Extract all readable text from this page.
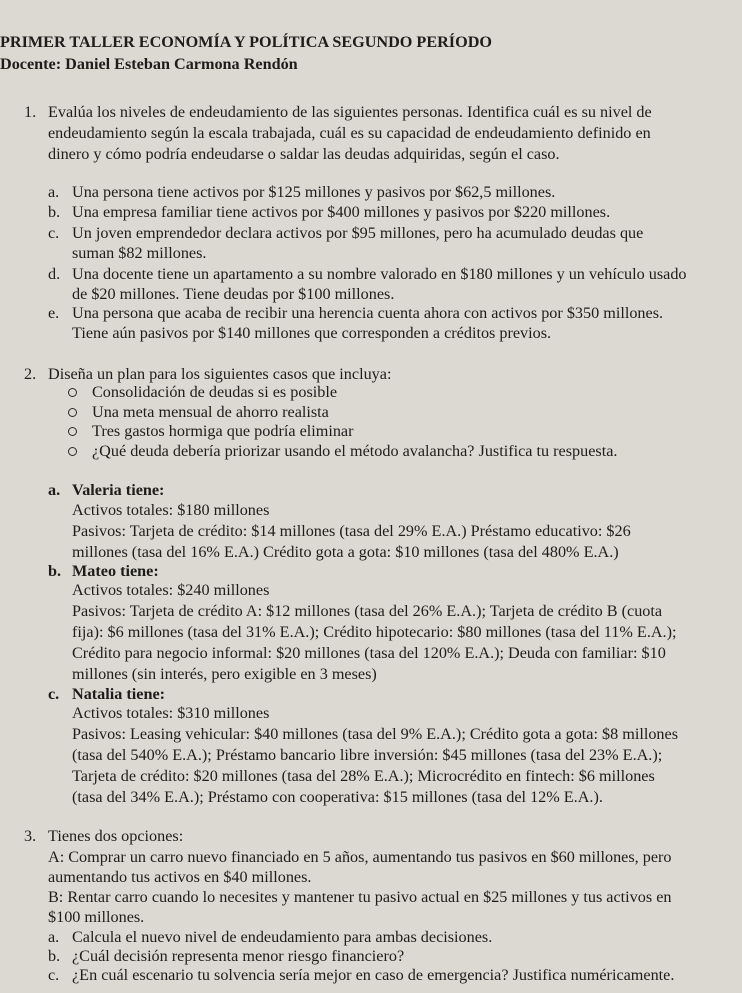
PRIMER TALLER ECONOMÍA Y POLÍTICA SEGUNDO PERÍODO
Docente: Daniel Esteban Carmona Rendón
1. Evalúa los niveles de endeudamiento de las siguientes personas. Identifica cuál es su nivel de
endeudamiento según la escala trabajada, cuál es su capacidad de endeudamiento definido en
dinero y cómo podría endeudarse o saldar las deudas adquiridas, según el caso.
a. Una persona tiene activos por $125 millones y pasivos por $62,5 millones.
b. Una empresa familiar tiene activos por $400 millones y pasivos por $220 millones.
c. Un joven emprendedor declara activos por $95 millones, pero ha acumulado deudas que
suman $82 millones.
d. Una docente tiene un apartamento a su nombre valorado en $180 millones y un vehículo usado
de $20 millones. Tiene deudas por $100 millones.
e. Una persona que acaba de recibir una herencia cuenta ahora con activos por $350 millones.
Tiene aún pasivos por $140 millones que corresponden a créditos previos.
2. Diseña un plan para los siguientes casos que incluya:
Consolidación de deudas si es posible
Una meta mensual de ahorro realista
Tres gastos hormiga que podría eliminar
¿Qué deuda debería priorizar usando el método avalancha? Justifica tu respuesta.
a. Valeria tiene:
Activos totales: $180 millones
Pasivos: Tarjeta de crédito: $14 millones (tasa del 29% E.A.) Préstamo educativo: $26
millones (tasa del 16% E.A.) Crédito gota a gota: $10 millones (tasa del 480% E.A.)
b. Mateo tiene:
Activos totales: $240 millones
Pasivos: Tarjeta de crédito A: $12 millones (tasa del 26% E.A.); Tarjeta de crédito B (cuota
fija): $6 millones (tasa del 31% E.A.); Crédito hipotecario: $80 millones (tasa del 11% E.A.);
Crédito para negocio informal: $20 millones (tasa del 120% E.A.); Deuda con familiar: $10
millones (sin interés, pero exigible en 3 meses)
c. Natalia tiene:
Activos totales: $310 millones
Pasivos: Leasing vehicular: $40 millones (tasa del 9% E.A.); Crédito gota a gota: $8 millones
(tasa del 540% E.A.); Préstamo bancario libre inversión: $45 millones (tasa del 23% E.A.);
Tarjeta de crédito: $20 millones (tasa del 28% E.A.); Microcrédito en fintech: $6 millones
(tasa del 34% E.A.); Préstamo con cooperativa: $15 millones (tasa del 12% E.A.).
3. Tienes dos opciones:
A: Comprar un carro nuevo financiado en 5 años, aumentando tus pasivos en $60 millones, pero
aumentando tus activos en $40 millones.
B: Rentar carro cuando lo necesites y mantener tu pasivo actual en $25 millones y tus activos en
$100 millones.
a. Calcula el nuevo nivel de endeudamiento para ambas decisiones.
b. ¿Cuál decisión representa menor riesgo financiero?
c. ¿En cuál escenario tu solvencia sería mejor en caso de emergencia? Justifica numéricamente.
